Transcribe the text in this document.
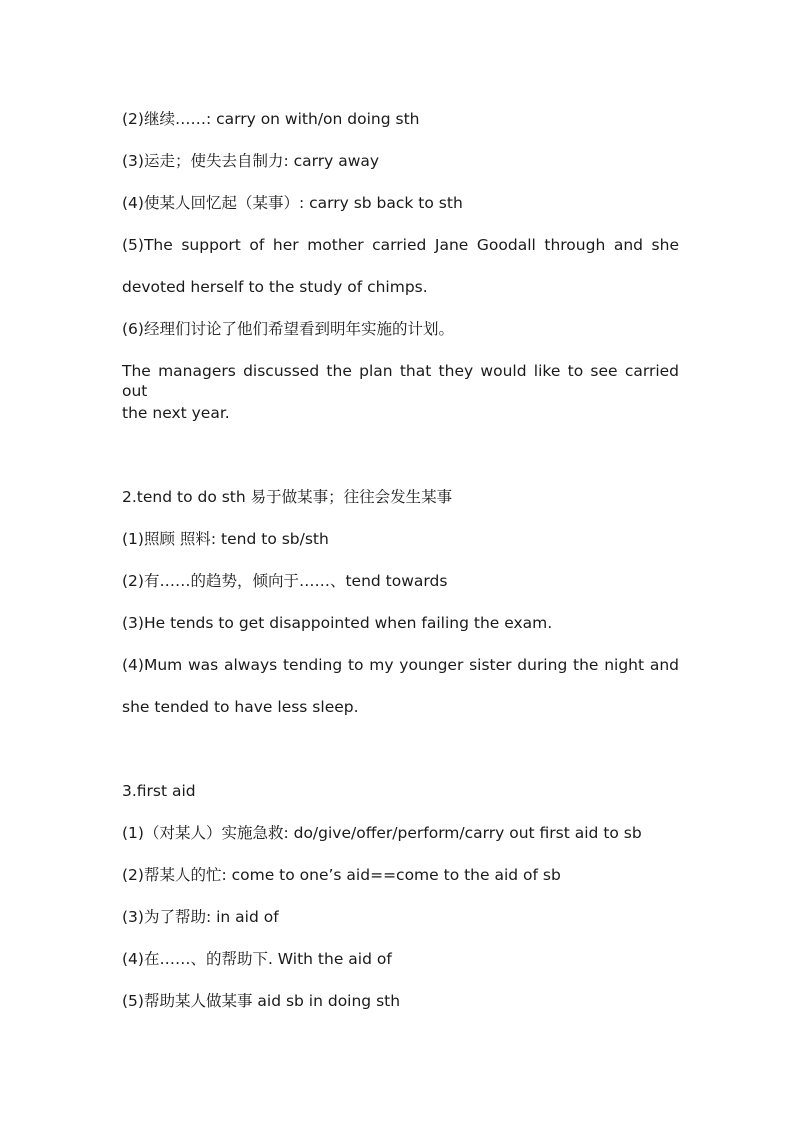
(2)继续……: carry on with/on doing sth
(3)运走；使失去自制力: carry away
(4)使某人回忆起（某事）: carry sb back to sth
(5)The support of her mother carried Jane Goodall through and she
devoted herself to the study of chimps.
(6)经理们讨论了他们希望看到明年实施的计划。
The managers discussed the plan that they would like to see carried out
the next year.
2.tend to do sth 易于做某事；往往会发生某事
(1)照顾 照料: tend to sb/sth
(2)有……的趋势，倾向于……、tend towards
(3)He tends to get disappointed when failing the exam.
(4)Mum was always tending to my younger sister during the night and
she tended to have less sleep.
3.first aid
(1)（对某人）实施急救: do/give/offer/perform/carry out first aid to sb
(2)帮某人的忙: come to one’s aid==come to the aid of sb
(3)为了帮助: in aid of
(4)在……、的帮助下. With the aid of
(5)帮助某人做某事 aid sb in doing sth
